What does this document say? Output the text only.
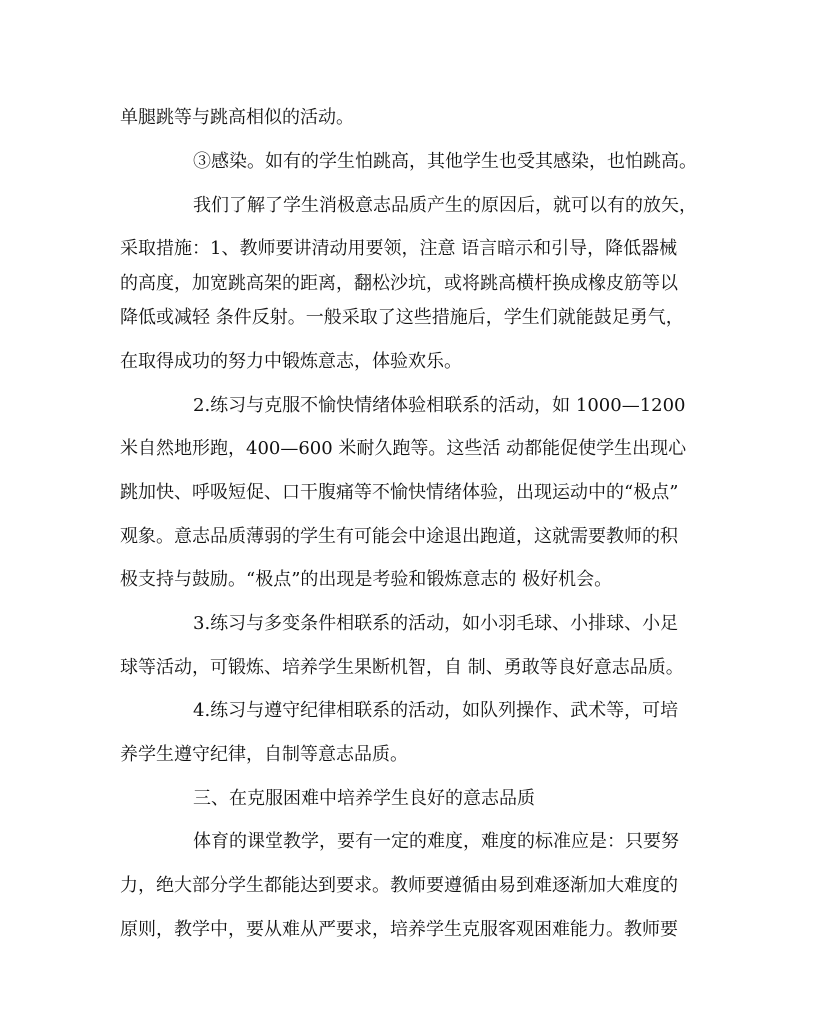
单腿跳等与跳高相似的活动。
③感染。如有的学生怕跳高，其他学生也受其感染，也怕跳高。
我们了解了学生消极意志品质产生的原因后，就可以有的放矢，
采取措施：1、教师要讲清动用要领，注意 语言暗示和引导，降低器械
的高度，加宽跳高架的距离，翻松沙坑，或将跳高横杆换成橡皮筋等以
降低或减轻 条件反射。一般采取了这些措施后，学生们就能鼓足勇气，
在取得成功的努力中锻炼意志，体验欢乐。
2.练习与克服不愉快情绪体验相联系的活动，如 1000—1200
米自然地形跑，400—600 米耐久跑等。这些活 动都能促使学生出现心
跳加快、呼吸短促、口干腹痛等不愉快情绪体验，出现运动中的“极点”
观象。意志品质薄弱的学生有可能会中途退出跑道，这就需要教师的积
极支持与鼓励。“极点”的出现是考验和锻炼意志的 极好机会。
3.练习与多变条件相联系的活动，如小羽毛球、小排球、小足
球等活动，可锻炼、培养学生果断机智，自 制、勇敢等良好意志品质。
4.练习与遵守纪律相联系的活动，如队列操作、武术等，可培
养学生遵守纪律，自制等意志品质。
三、在克服困难中培养学生良好的意志品质
体育的课堂教学，要有一定的难度，难度的标准应是：只要努
力，绝大部分学生都能达到要求。教师要遵循由易到难逐渐加大难度的
原则，教学中，要从难从严要求，培养学生克服客观困难能力。教师要
